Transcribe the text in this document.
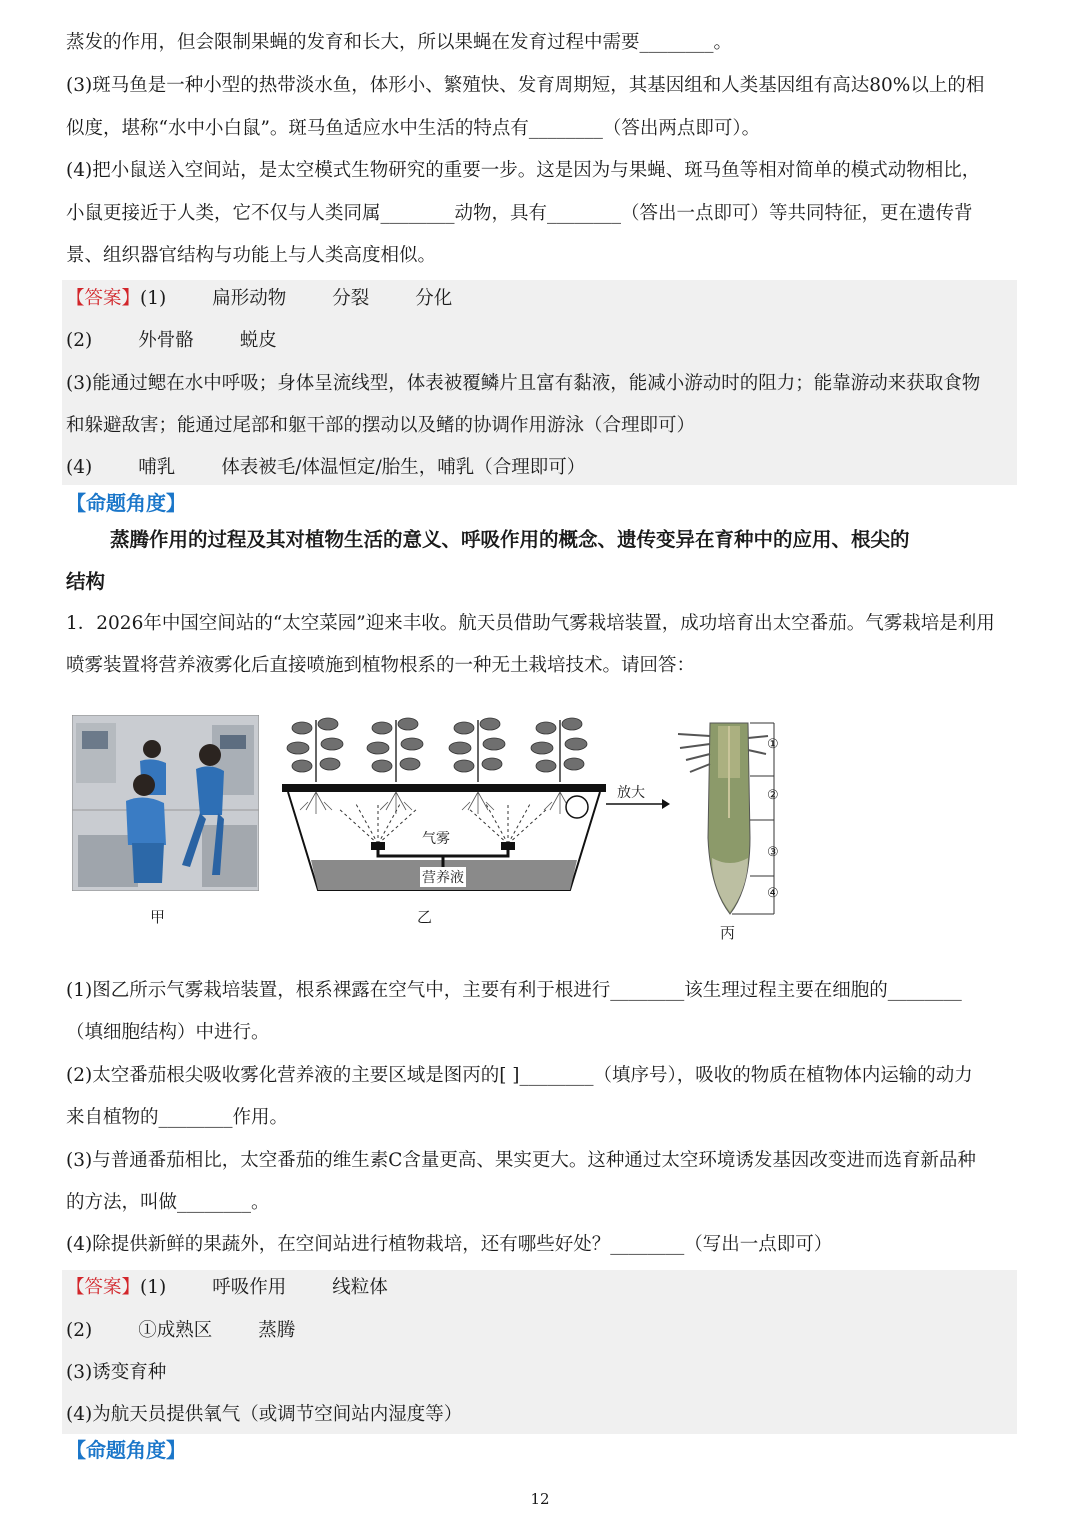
蒸发的作用，但会限制果蝇的发育和长大，所以果蝇在发育过程中需要________。
(3)斑马鱼是一种小型的热带淡水鱼，体形小、繁殖快、发育周期短，其基因组和人类基因组有高达80%以上的相
似度，堪称“水中小白鼠”。斑马鱼适应水中生活的特点有________（答出两点即可）。
(4)把小鼠送入空间站，是太空模式生物研究的重要一步。这是因为与果蝇、斑马鱼等相对简单的模式动物相比，
小鼠更接近于人类，它不仅与人类同属________动物，具有________（答出一点即可）等共同特征，更在遗传背
景、组织器官结构与功能上与人类高度相似。
【答案】(1) 扁形动物 分裂 分化
(2) 外骨骼 蜕皮
(3)能通过鳃在水中呼吸；身体呈流线型，体表被覆鳞片且富有黏液，能减小游动时的阻力；能靠游动来获取食物
和躲避敌害；能通过尾部和躯干部的摆动以及鳍的协调作用游泳（合理即可）
(4) 哺乳 体表被毛/体温恒定/胎生，哺乳（合理即可）
【命题角度】
蒸腾作用的过程及其对植物生活的意义、呼吸作用的概念、遗传变异在育种中的应用、根尖的
结构
1．2026年中国空间站的“太空菜园”迎来丰收。航天员借助气雾栽培装置，成功培育出太空番茄。气雾栽培是利用
喷雾装置将营养液雾化后直接喷施到植物根系的一种无土栽培技术。请回答：
甲
气雾
营养液
乙
放大
①
②
③
④
丙
(1)图乙所示气雾栽培装置，根系裸露在空气中，主要有利于根进行________该生理过程主要在细胞的________
（填细胞结构）中进行。
(2)太空番茄根尖吸收雾化营养液的主要区域是图丙的[ ]________（填序号），吸收的物质在植物体内运输的动力
来自植物的________作用。
(3)与普通番茄相比，太空番茄的维生素C含量更高、果实更大。这种通过太空环境诱发基因改变进而选育新品种
的方法，叫做________。
(4)除提供新鲜的果蔬外，在空间站进行植物栽培，还有哪些好处？________（写出一点即可）
【答案】(1) 呼吸作用 线粒体
(2) ①成熟区 蒸腾
(3)诱变育种
(4)为航天员提供氧气（或调节空间站内湿度等）
【命题角度】
12
